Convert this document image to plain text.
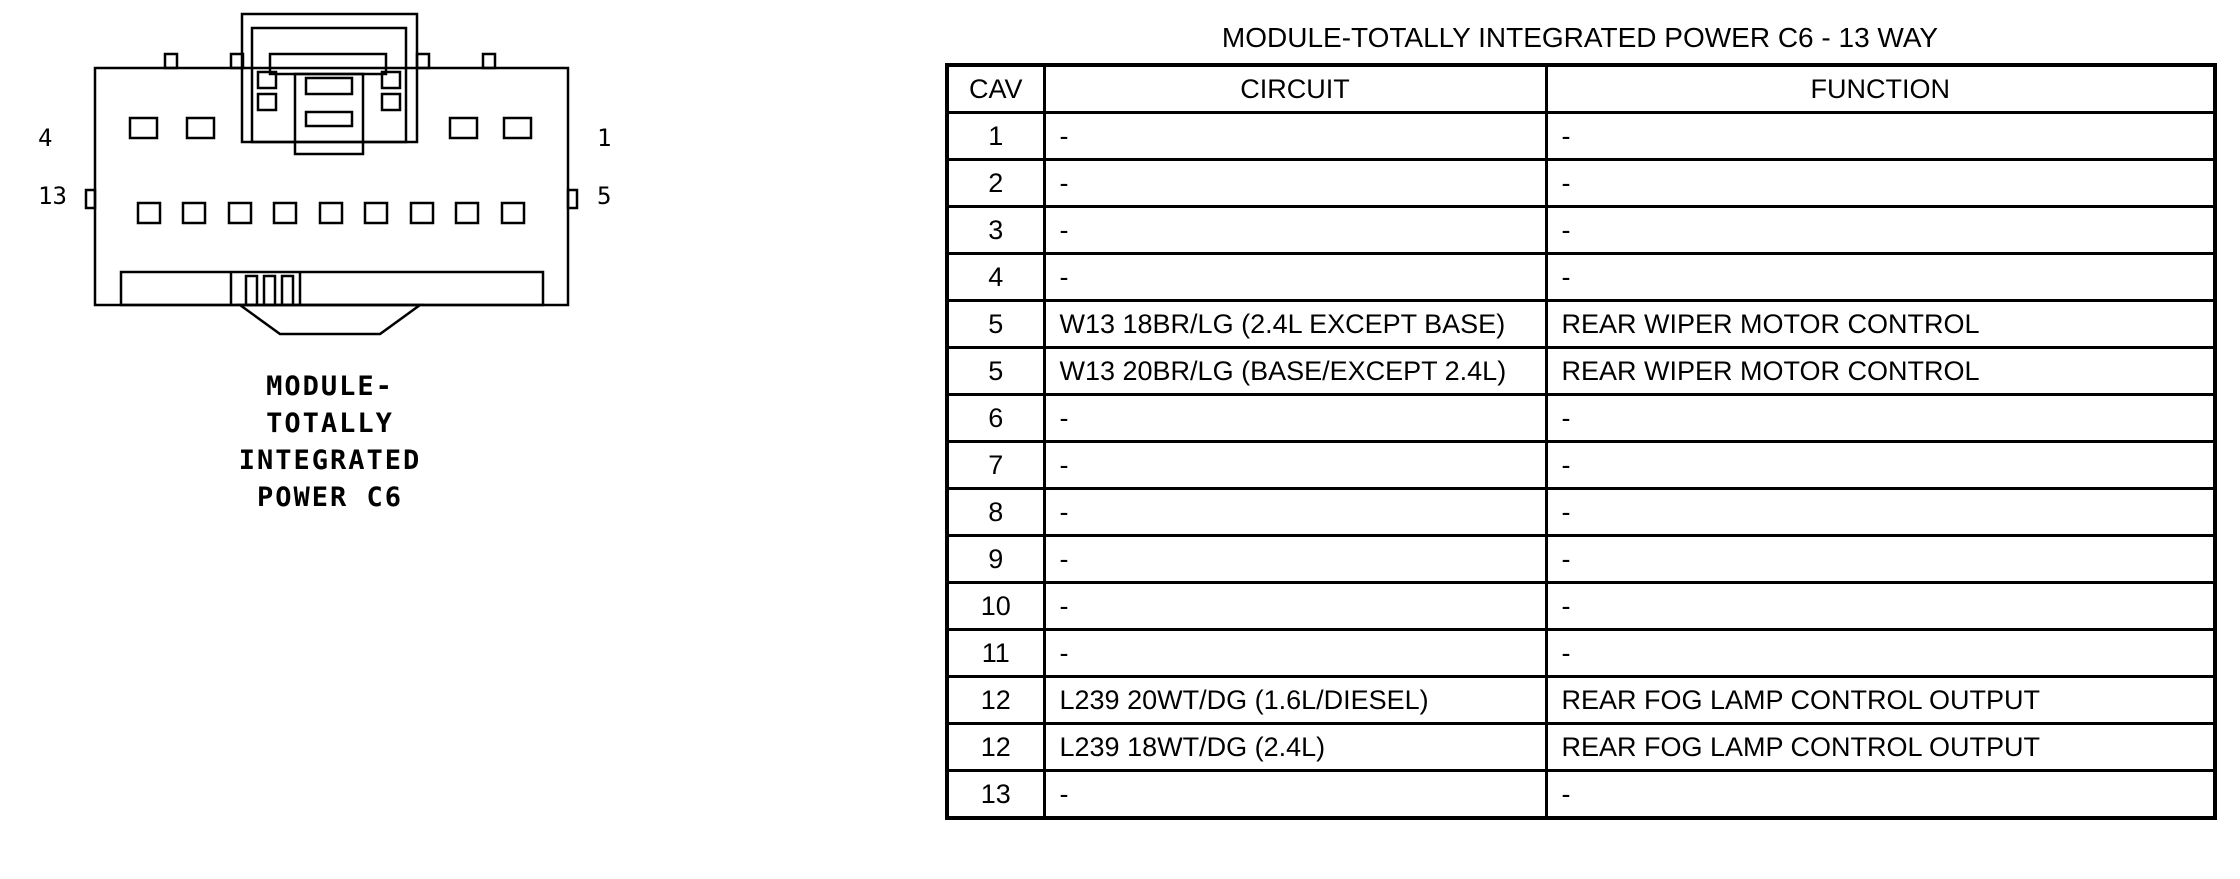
4
13
1
5
MODULE-
TOTALLY
INTEGRATED
POWER C6
MODULE-TOTALLY INTEGRATED POWER C6 - 13 WAY
CAV	CIRCUIT	FUNCTION
1	-	-
2	-	-
3	-	-
4	-	-
5	W13 18BR/LG (2.4L EXCEPT BASE)	REAR WIPER MOTOR CONTROL
5	W13 20BR/LG (BASE/EXCEPT 2.4L)	REAR WIPER MOTOR CONTROL
6	-	-
7	-	-
8	-	-
9	-	-
10	-	-
11	-	-
12	L239 20WT/DG (1.6L/DIESEL)	REAR FOG LAMP CONTROL OUTPUT
12	L239 18WT/DG (2.4L)	REAR FOG LAMP CONTROL OUTPUT
13	-	-
